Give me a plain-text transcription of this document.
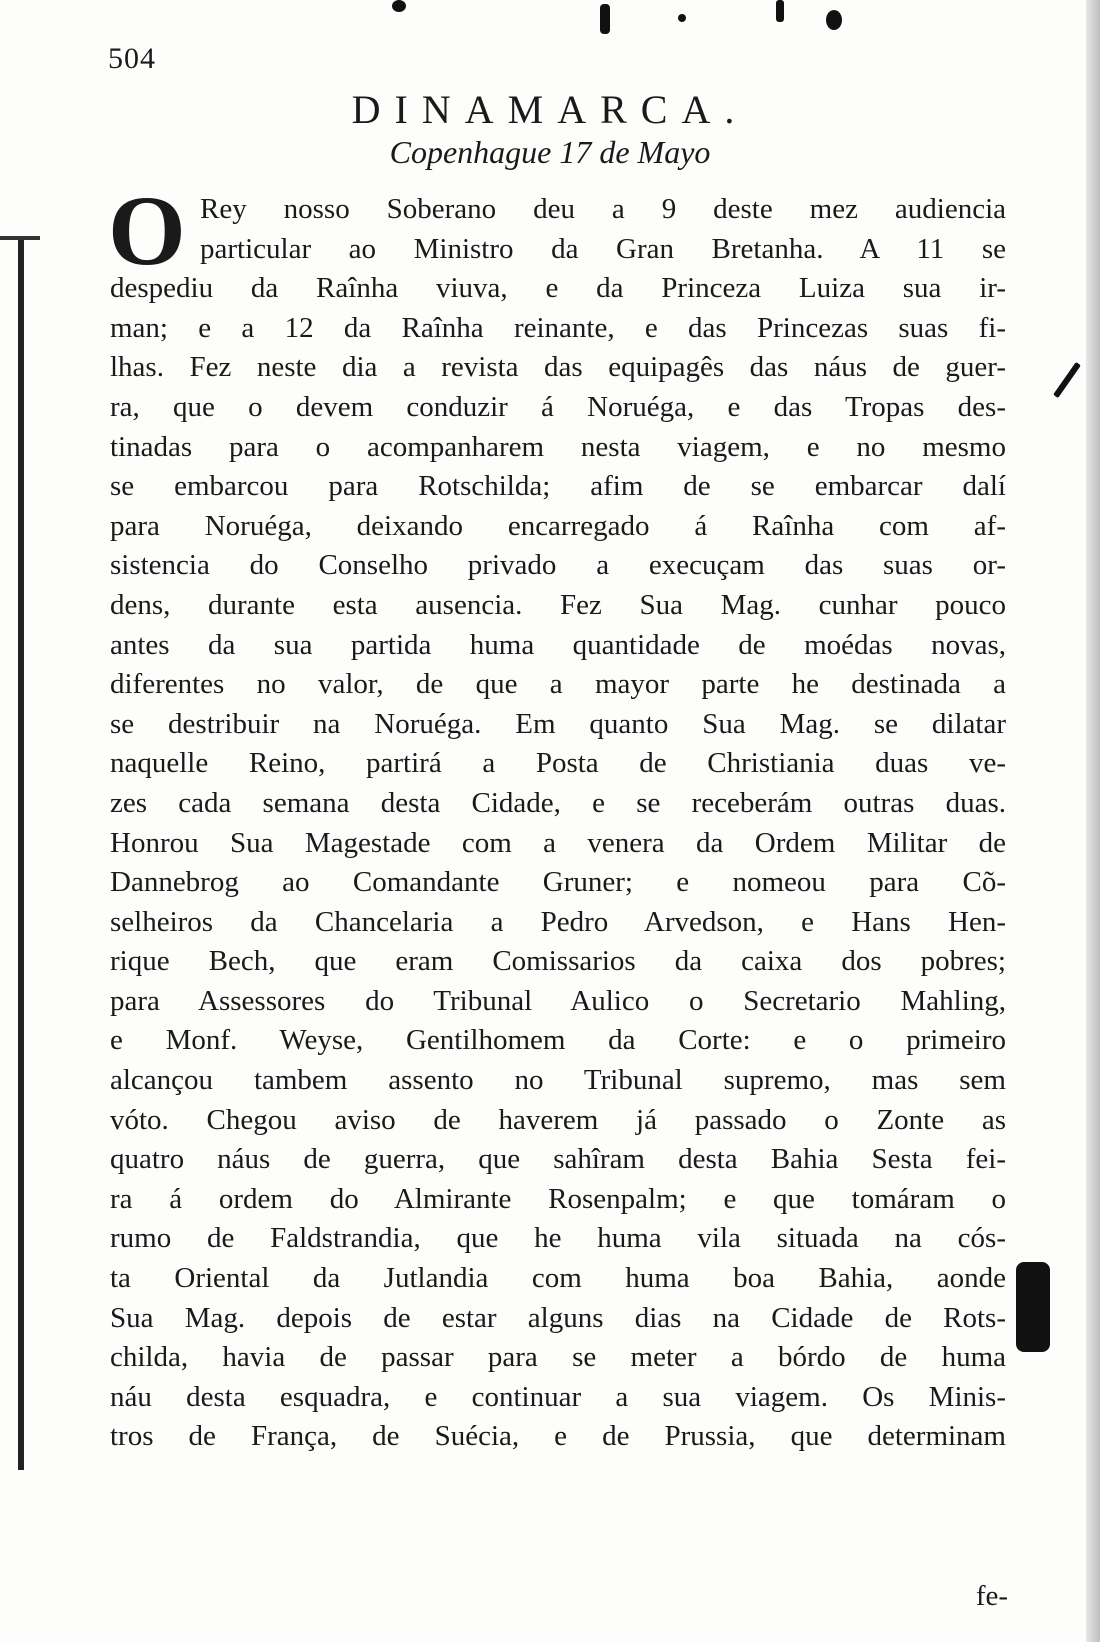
504
DINAMARCA.
Copenhague 17 de Mayo
O Rey nosso Soberano deu a 9 deste mez audiencia
particular ao Ministro da Gran Bretanha. A 11 se
despediu da Raînha viuva, e da Princeza Luiza sua ir-
man; e a 12 da Raînha reinante, e das Princezas suas fi-
lhas. Fez neste dia a revista das equipagês das náus de guer-
ra, que o devem conduzir á Noruéga, e das Tropas des-
tinadas para o acompanharem nesta viagem, e no mesmo
se embarcou para Rotschilda; afim de se embarcar dalí
para Noruéga, deixando encarregado á Raînha com af-
sistencia do Conselho privado a execuçam das suas or-
dens, durante esta ausencia. Fez Sua Mag. cunhar pouco
antes da sua partida huma quantidade de moédas novas,
diferentes no valor, de que a mayor parte he destinada a
se destribuir na Noruéga. Em quanto Sua Mag. se dilatar
naquelle Reino, partirá a Posta de Christiania duas ve-
zes cada semana desta Cidade, e se receberám outras duas.
Honrou Sua Magestade com a venera da Ordem Militar de
Dannebrog ao Comandante Gruner; e nomeou para Cõ-
selheiros da Chancelaria a Pedro Arvedson, e Hans Hen-
rique Bech, que eram Comissarios da caixa dos pobres;
para Assessores do Tribunal Aulico o Secretario Mahling,
e Monf. Weyse, Gentilhomem da Corte: e o primeiro
alcançou tambem assento no Tribunal supremo, mas sem
vóto. Chegou aviso de haverem já passado o Zonte as
quatro náus de guerra, que sahîram desta Bahia Sesta fei-
ra á ordem do Almirante Rosenpalm; e que tomáram o
rumo de Faldstrandia, que he huma vila situada na cós-
ta Oriental da Jutlandia com huma boa Bahia, aonde
Sua Mag. depois de estar alguns dias na Cidade de Rots-
childa, havia de passar para se meter a bórdo de huma
náu desta esquadra, e continuar a sua viagem. Os Minis-
tros de França, de Suécia, e de Prussia, que determinam
fe-
